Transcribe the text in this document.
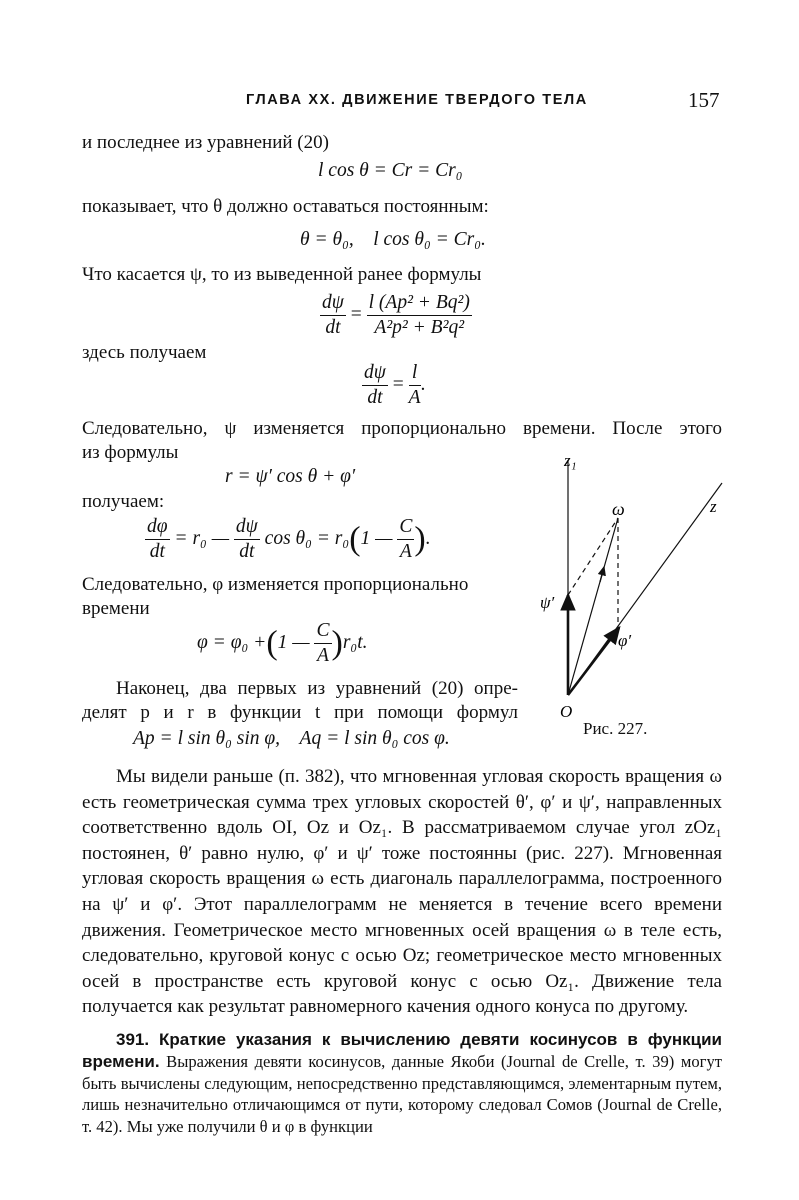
ГЛАВА XX. ДВИЖЕНИЕ ТВЕРДОГО ТЕЛА	157
и последнее из уравнений (20)
l cos θ = Cr = Cr₀
показывает, что θ должно оставаться постоянным:
θ = θ₀, l cos θ₀ = Cr₀.
Что касается ψ, то из выведенной ранее формулы
$\frac{d\psi}{dt} = \frac{\text{l (Ap² + Bq²)}}{\text{A²p² + B²q²}}$
здесь получаем
$\frac{d\psi}{dt} = \frac{l}{A}$ .
Следовательно, ψ изменяется пропорционально времени. После этого
из формулы
r = ψ′ cos θ + φ′
получаем:
$\frac{d\varphi}{dt} = r_0$ — $\frac{d\psi}{dt}$ cos θ₀ = r₀(1 — $\frac{C}{A}$ ).
Следовательно, φ изменяется пропорционально
времени
φ = φ₀ +(1 — $\frac{C}{A} )r_0t$.
Наконец, два первых из уравнений (20) опре-
делят p и r в функции t при помощи формул
Ap = l sin θ₀ sin φ, Aq = l sin θ₀ cos φ.
z₁
z
ω
ψ′
φ′
O
Рис. 227.

Мы видели раньше (п. 382), что мгновенная угловая скорость вращения ω есть геометрическая сумма трех угловых скоростей θ′, φ′ и ψ′, направленных соответственно вдоль OI, Oz и Oz₁. В рассматриваемом случае угол zOz₁ постоянен, θ′ равно нулю, φ′ и ψ′ тоже постоянны (рис. 227). Мгновенная угловая скорость вращения ω есть диагональ параллелограмма, построенного на ψ′ и φ′. Этот параллелограмм не меняется в течение всего времени движения. Геометрическое место мгновенных осей вращения ω в теле есть, следовательно, круговой конус с осью Oz; геометрическое место мгновенных осей в пространстве есть круговой конус с осью Oz₁. Движение тела получается как результат равномерного качения одного конуса по другому.

391. Краткие указания к вычислению девяти косинусов в функции времени. Выражения девяти косинусов, данные Якоби (Journal de Crelle, т. 39) могут быть вычислены следующим, непосредственно представляющимся, элементарным путем, лишь незначительно отличающимся от пути, которому следовал Сомов (Journal de Crelle, т. 42). Мы уже получили θ и φ в функции
